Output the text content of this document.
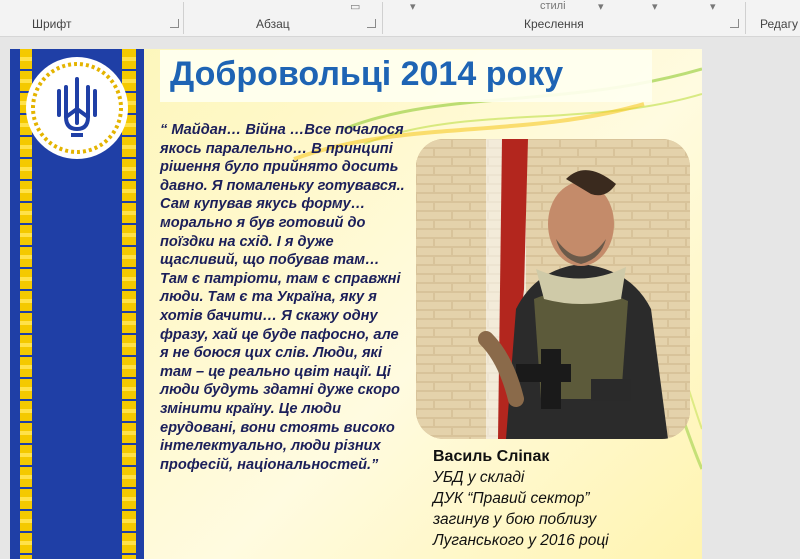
▭	▾	стилі	▾	▾	▾
Шрифт	Абзац	Креслення	Редагу
Добровольці 2014 року

“ Майдан… Війна …Все почалося якось паралельно… В принципі рішення було прийнято досить давно. Я помаленьку готувався.. Сам купував якусь форму… морально я був готовий до поїздки на схід. І я дуже щасливий, що побував там… Там є патріоти, там є справжні люди. Там є та Україна, яку я хотів бачити… Я скажу одну фразу, хай це буде пафосно, але я не боюся цих слів. Люди, які там – це реально цвіт нації. Ці люди будуть здатні дуже скоро змінити країну. Це люди ерудовані, вони стоять високо інтелектуально, люди різних професій, національностей.”	Василь Сліпак
УБД у складі
ДУК “Правий сектор”
загинув у бою поблизу
Луганського у 2016 році
